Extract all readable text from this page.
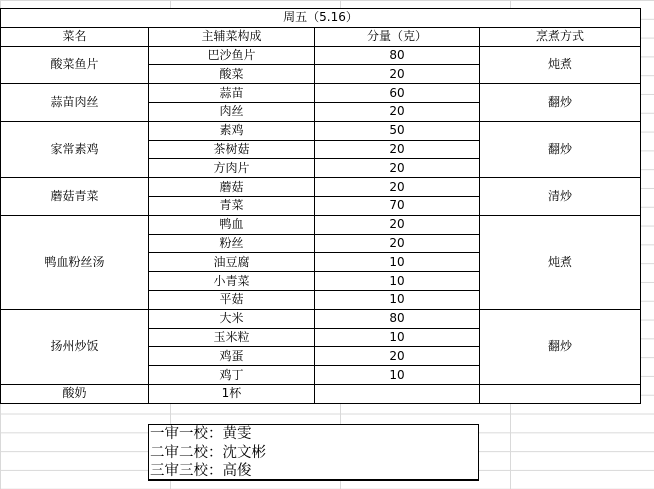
周五（5.16）			
菜名	主辅菜构成	分量（克）	烹煮方式
酸菜鱼片	巴沙鱼片	80	炖煮
	酸菜	20	
蒜苗肉丝	蒜苗	60	翻炒
	肉丝	20	
家常素鸡	素鸡	50	翻炒
	茶树菇	20	
	方肉片	20	
蘑菇青菜	蘑菇	20	清炒
	青菜	70	
鸭血粉丝汤	鸭血	20	炖煮
	粉丝	20	
	油豆腐	10	
	小青菜	10	
	平菇	10	
扬州炒饭	大米	80	翻炒
	玉米粒	10	
	鸡蛋	20	
	鸡丁	10	
酸奶	1杯		
一审一校：黄雯
二审二校：沈文彬
三审三校：高俊
